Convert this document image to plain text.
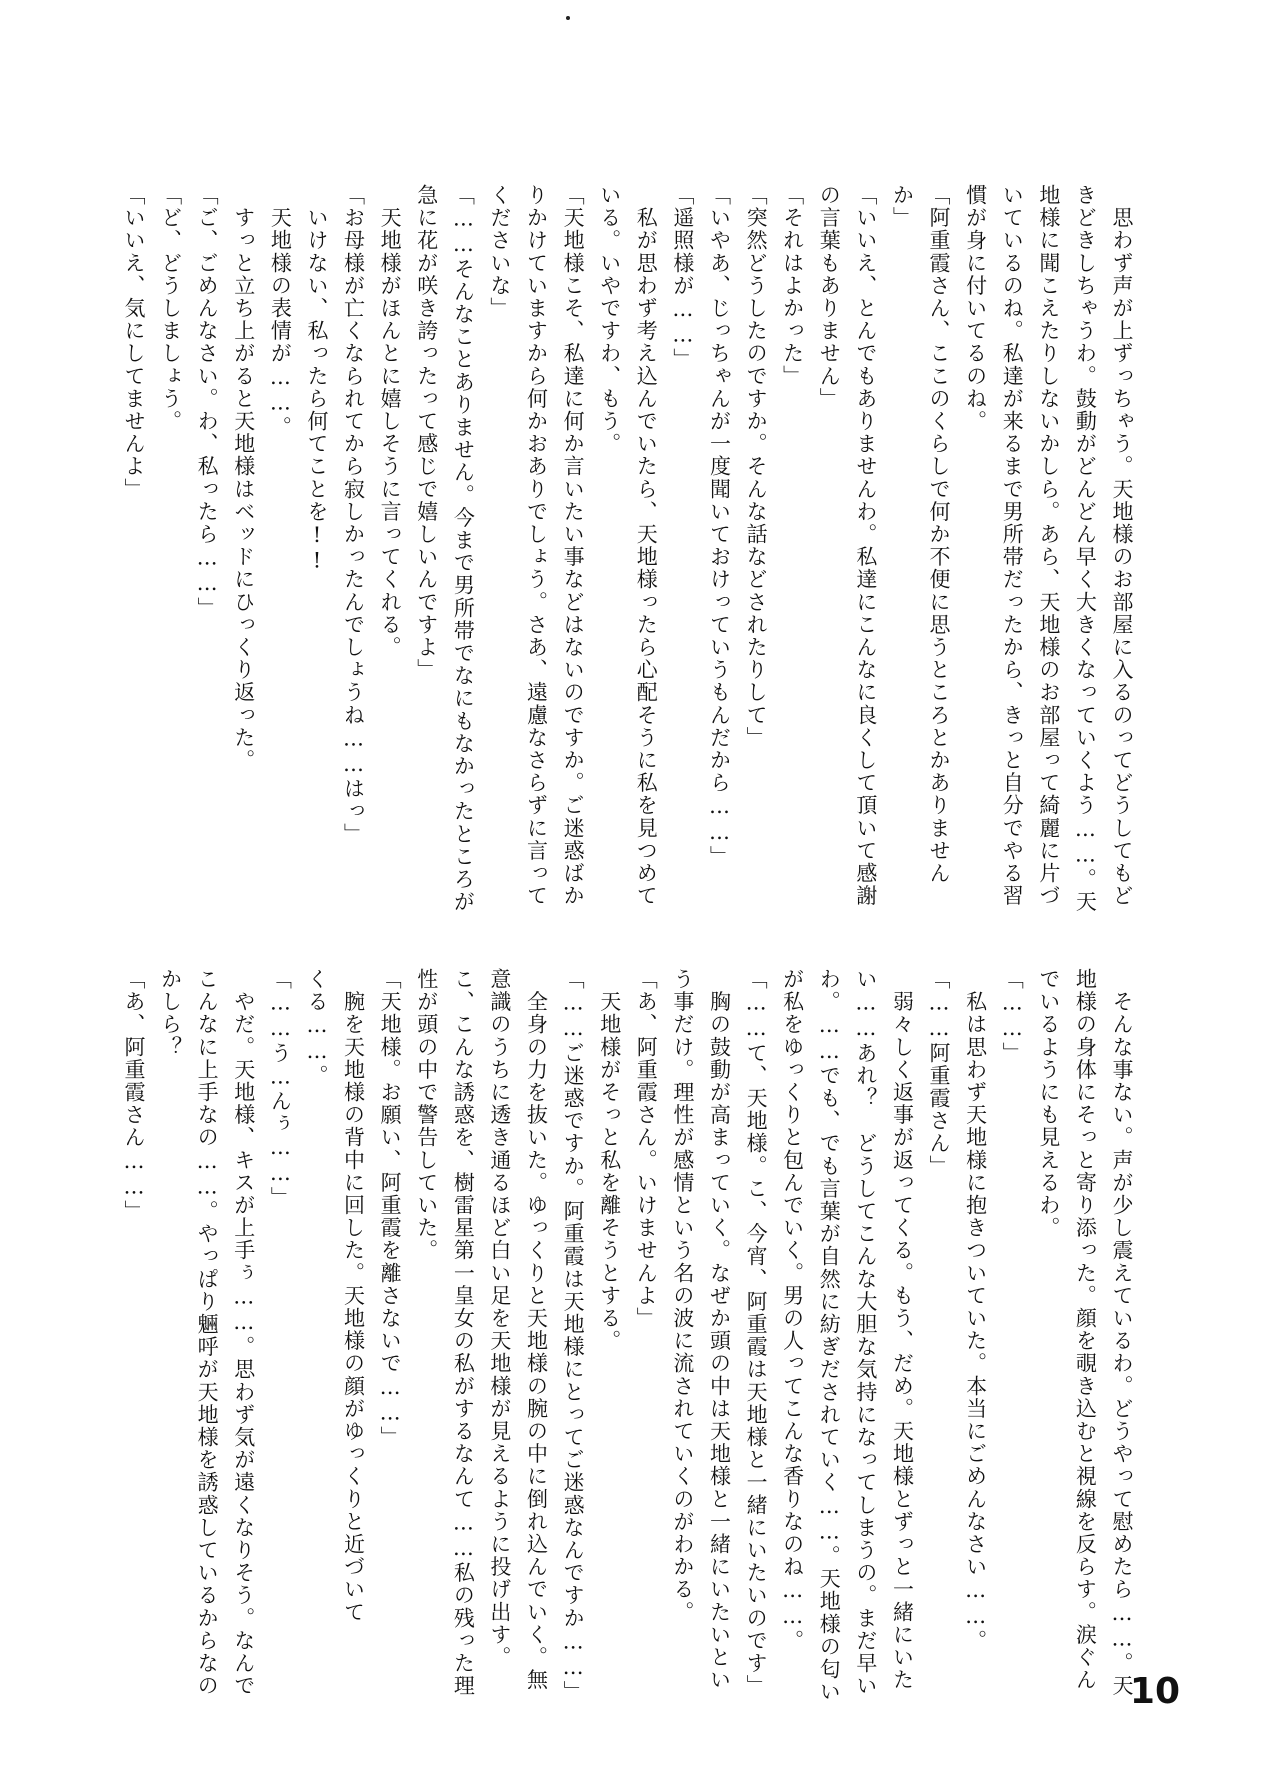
　思わず声が上ずっちゃう。天地様のお部屋に入るのってどうしてもど
きどきしちゃうわ。鼓動がどんどん早く大きくなっていくよう……。天
地様に聞こえたりしないかしら。あら、天地様のお部屋って綺麗に片づ
いているのね。私達が来るまで男所帯だったから、きっと自分でやる習
慣が身に付いてるのね。
「阿重霞さん、ここのくらしで何か不便に思うところとかありません
か」
「いいえ、とんでもありませんわ。私達にこんなに良くして頂いて感謝
の言葉もありません」
「それはよかった」
「突然どうしたのですか。そんな話などされたりして」
「いやあ、じっちゃんが一度聞いておけっていうもんだから……」
「遥照様が……」
　私が思わず考え込んでいたら、天地様ったら心配そうに私を見つめて
いる。いやですわ、もう。
「天地様こそ、私達に何か言いたい事などはないのですか。ご迷惑ばか
りかけていますから何かおありでしょう。さあ、遠慮なさらずに言って
くださいな」
「……そんなことありません。今まで男所帯でなにもなかったところが
急に花が咲き誇ったって感じで嬉しいんですよ」
　天地様がほんとに嬉しそうに言ってくれる。
「お母様が亡くなられてから寂しかったんでしょうね……はっ」
　いけない、私ったら何てことを!!
　天地様の表情が……。
　すっと立ち上がると天地様はベッドにひっくり返った。
「ご、ごめんなさい。わ、私ったら……」
「ど、どうしましょう。
「いいえ、気にしてませんよ」
　そんな事ない。声が少し震えているわ。どうやって慰めたら……。天
地様の身体にそっと寄り添った。顔を覗き込むと視線を反らす。涙ぐん
でいるようにも見えるわ。
「……」
　私は思わず天地様に抱きついていた。本当にごめんなさい……。
「……阿重霞さん」
　弱々しく返事が返ってくる。もう、だめ。天地様とずっと一緒にいた
い……あれ？　どうしてこんな大胆な気持になってしまうの。まだ早い
わ。……でも、でも言葉が自然に紡ぎだされていく……。天地様の匂い
が私をゆっくりと包んでいく。男の人ってこんな香りなのね……。
「……て、天地様。こ、今宵、阿重霞は天地様と一緒にいたいのです」
　胸の鼓動が高まっていく。なぜか頭の中は天地様と一緒にいたいとい
う事だけ。理性が感情という名の波に流されていくのがわかる。
「あ、阿重霞さん。いけませんよ」
　天地様がそっと私を離そうとする。
「……ご迷惑ですか。阿重霞は天地様にとってご迷惑なんですか……」
　全身の力を抜いた。ゆっくりと天地様の腕の中に倒れ込んでいく。無
意識のうちに透き通るほど白い足を天地様が見えるように投げ出す。
こ、こんな誘惑を、樹雷星第一皇女の私がするなんて……私の残った理
性が頭の中で警告していた。
「天地様。お願い、阿重霞を離さないで……」
　腕を天地様の背中に回した。天地様の顔がゆっくりと近づいて
くる……。
「……う…んぅ……」
　やだ。天地様、キスが上手ぅ……。思わず気が遠くなりそう。なんで
こんなに上手なの……。やっぱり魎呼が天地様を誘惑しているからなの
かしら？
「あ、阿重霞さん……」
10
